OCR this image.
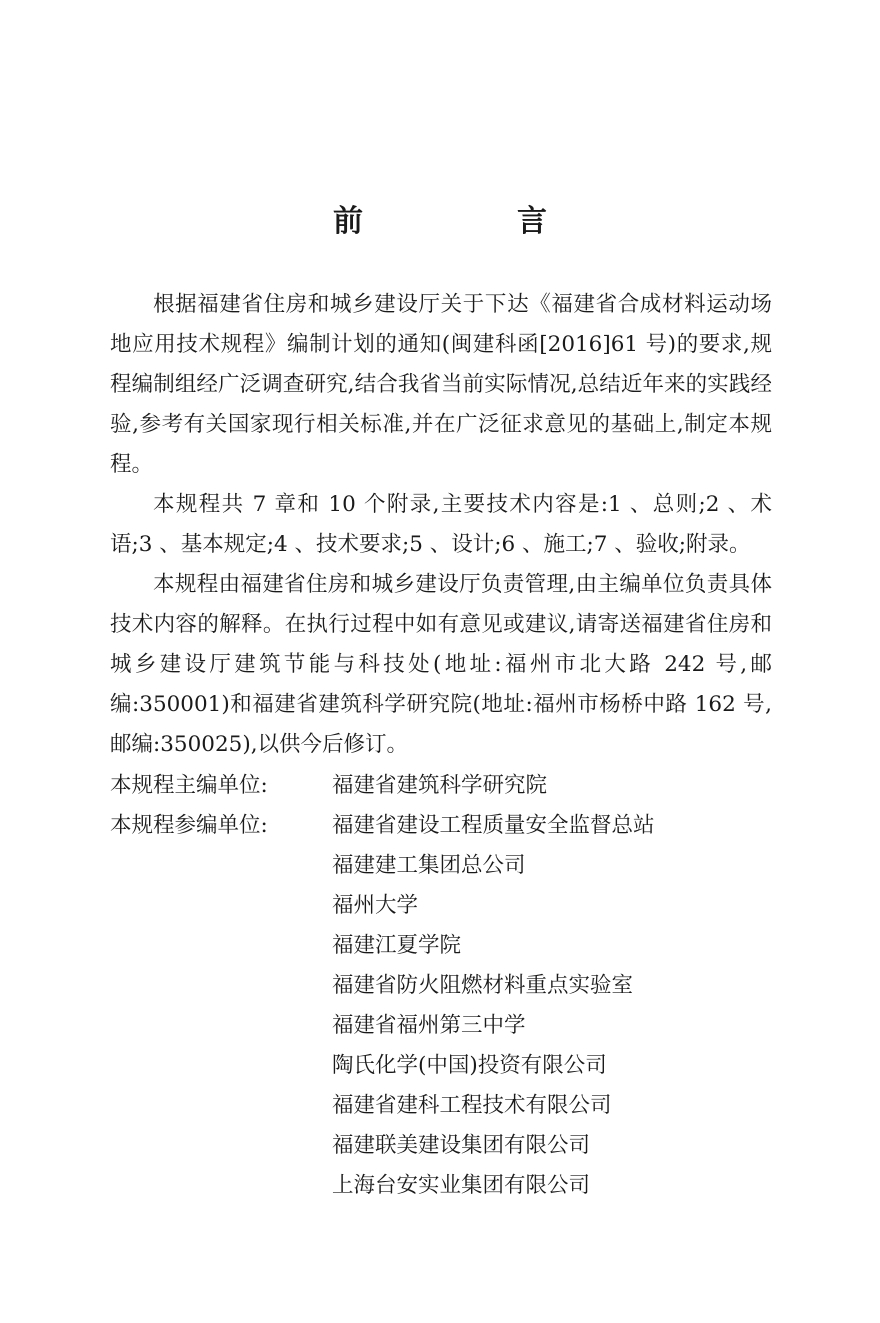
前　言

根据福建省住房和城乡建设厅关于下达《福建省合成材料运动场地应用技术规程》编制计划的通知(闽建科函[2016]61 号)的要求,规程编制组经广泛调查研究,结合我省当前实际情况,总结近年来的实践经验,参考有关国家现行相关标准,并在广泛征求意见的基础上,制定本规程。

本规程共 7 章和 10 个附录,主要技术内容是:1 、总则;2 、术语;3 、基本规定;4 、技术要求;5 、设计;6 、施工;7 、验收;附录。

本规程由福建省住房和城乡建设厅负责管理,由主编单位负责具体技术内容的解释。在执行过程中如有意见或建议,请寄送福建省住房和城乡建设厅建筑节能与科技处(地址:福州市北大路 242 号,邮编:350001)和福建省建筑科学研究院(地址:福州市杨桥中路 162 号,邮编:350025),以供今后修订。

本规程主编单位:	福建省建筑科学研究院
本规程参编单位:	福建省建设工程质量安全监督总站
福建建工集团总公司
福州大学
福建江夏学院
福建省防火阻燃材料重点实验室
福建省福州第三中学
陶氏化学(中国)投资有限公司
福建省建科工程技术有限公司
福建联美建设集团有限公司
上海台安实业集团有限公司
